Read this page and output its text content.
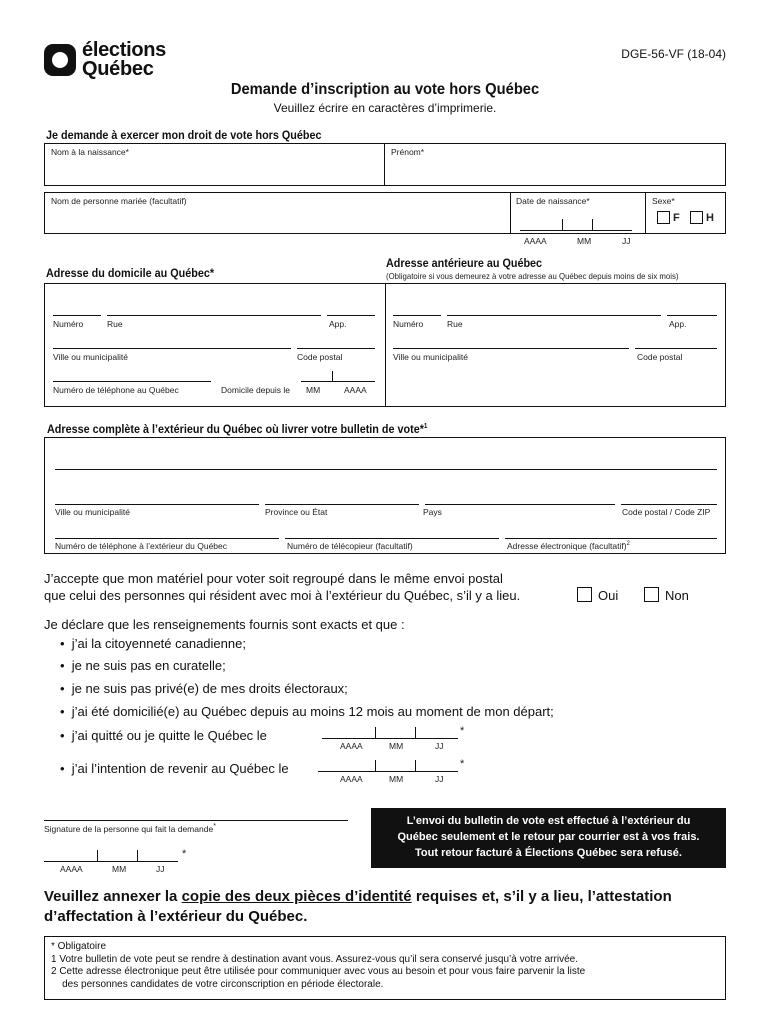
élections
Québec
DGE-56-VF (18-04)
Demande d’inscription au vote hors Québec
Veuillez écrire en caractères d’imprimerie.
Je demande à exercer mon droit de vote hors Québec
Nom à la naissance*	Prénom*
Nom de personne mariée (facultatif)	Date de naissance*	Sexe*
F H
AAAA	MM	JJ
Adresse du domicile au Québec*
Adresse antérieure au Québec
(Obligatoire si vous demeurez à votre adresse au Québec depuis moins de six mois)
Numéro	Rue	App.
Ville ou municipalité	Code postal
Numéro de téléphone au Québec	Domicile depuis le MM	AAAA
Numéro	Rue	App.
Ville ou municipalité	Code postal
Adresse complète à l’extérieur du Québec où livrer votre bulletin de vote*$^1$
Ville ou municipalité	Province ou État	Pays	Code postal / Code ZIP
Numéro de téléphone à l’extérieur du Québec	Numéro de télécopieur (facultatif)	Adresse électronique (facultatif)$^2$
J’accepte que mon matériel pour voter soit regroupé dans le même envoi postal
que celui des personnes qui résident avec moi à l’extérieur du Québec, s’il y a lieu.	Oui	Non
Je déclare que les renseignements fournis sont exacts et que :
•  j’ai la citoyenneté canadienne;
•  je ne suis pas en curatelle;
•  je ne suis pas privé(e) de mes droits électoraux;
•  j’ai été domicilié(e) au Québec depuis au moins 12 mois au moment de mon départ;
•  j’ai quitté ou je quitte le Québec le
•  j’ai l’intention de revenir au Québec le
*
AAAA	MM	JJ
*
AAAA	MM	JJ
Signature de la personne qui fait la demande*
*
AAAA	MM	JJ
L’envoi du bulletin de vote est effectué à l’extérieur du
Québec seulement et le retour par courrier est à vos frais.
Tout retour facturé à Élections Québec sera refusé.
Veuillez annexer la copie des deux pièces d’identité requises et, s’il y a lieu, l’attestation
d’affectation à l’extérieur du Québec.
* Obligatoire
1 Votre bulletin de vote peut se rendre à destination avant vous. Assurez-vous qu’il sera conservé jusqu’à votre arrivée.
2 Cette adresse électronique peut être utilisée pour communiquer avec vous au besoin et pour vous faire parvenir la liste
des personnes candidates de votre circonscription en période électorale.
